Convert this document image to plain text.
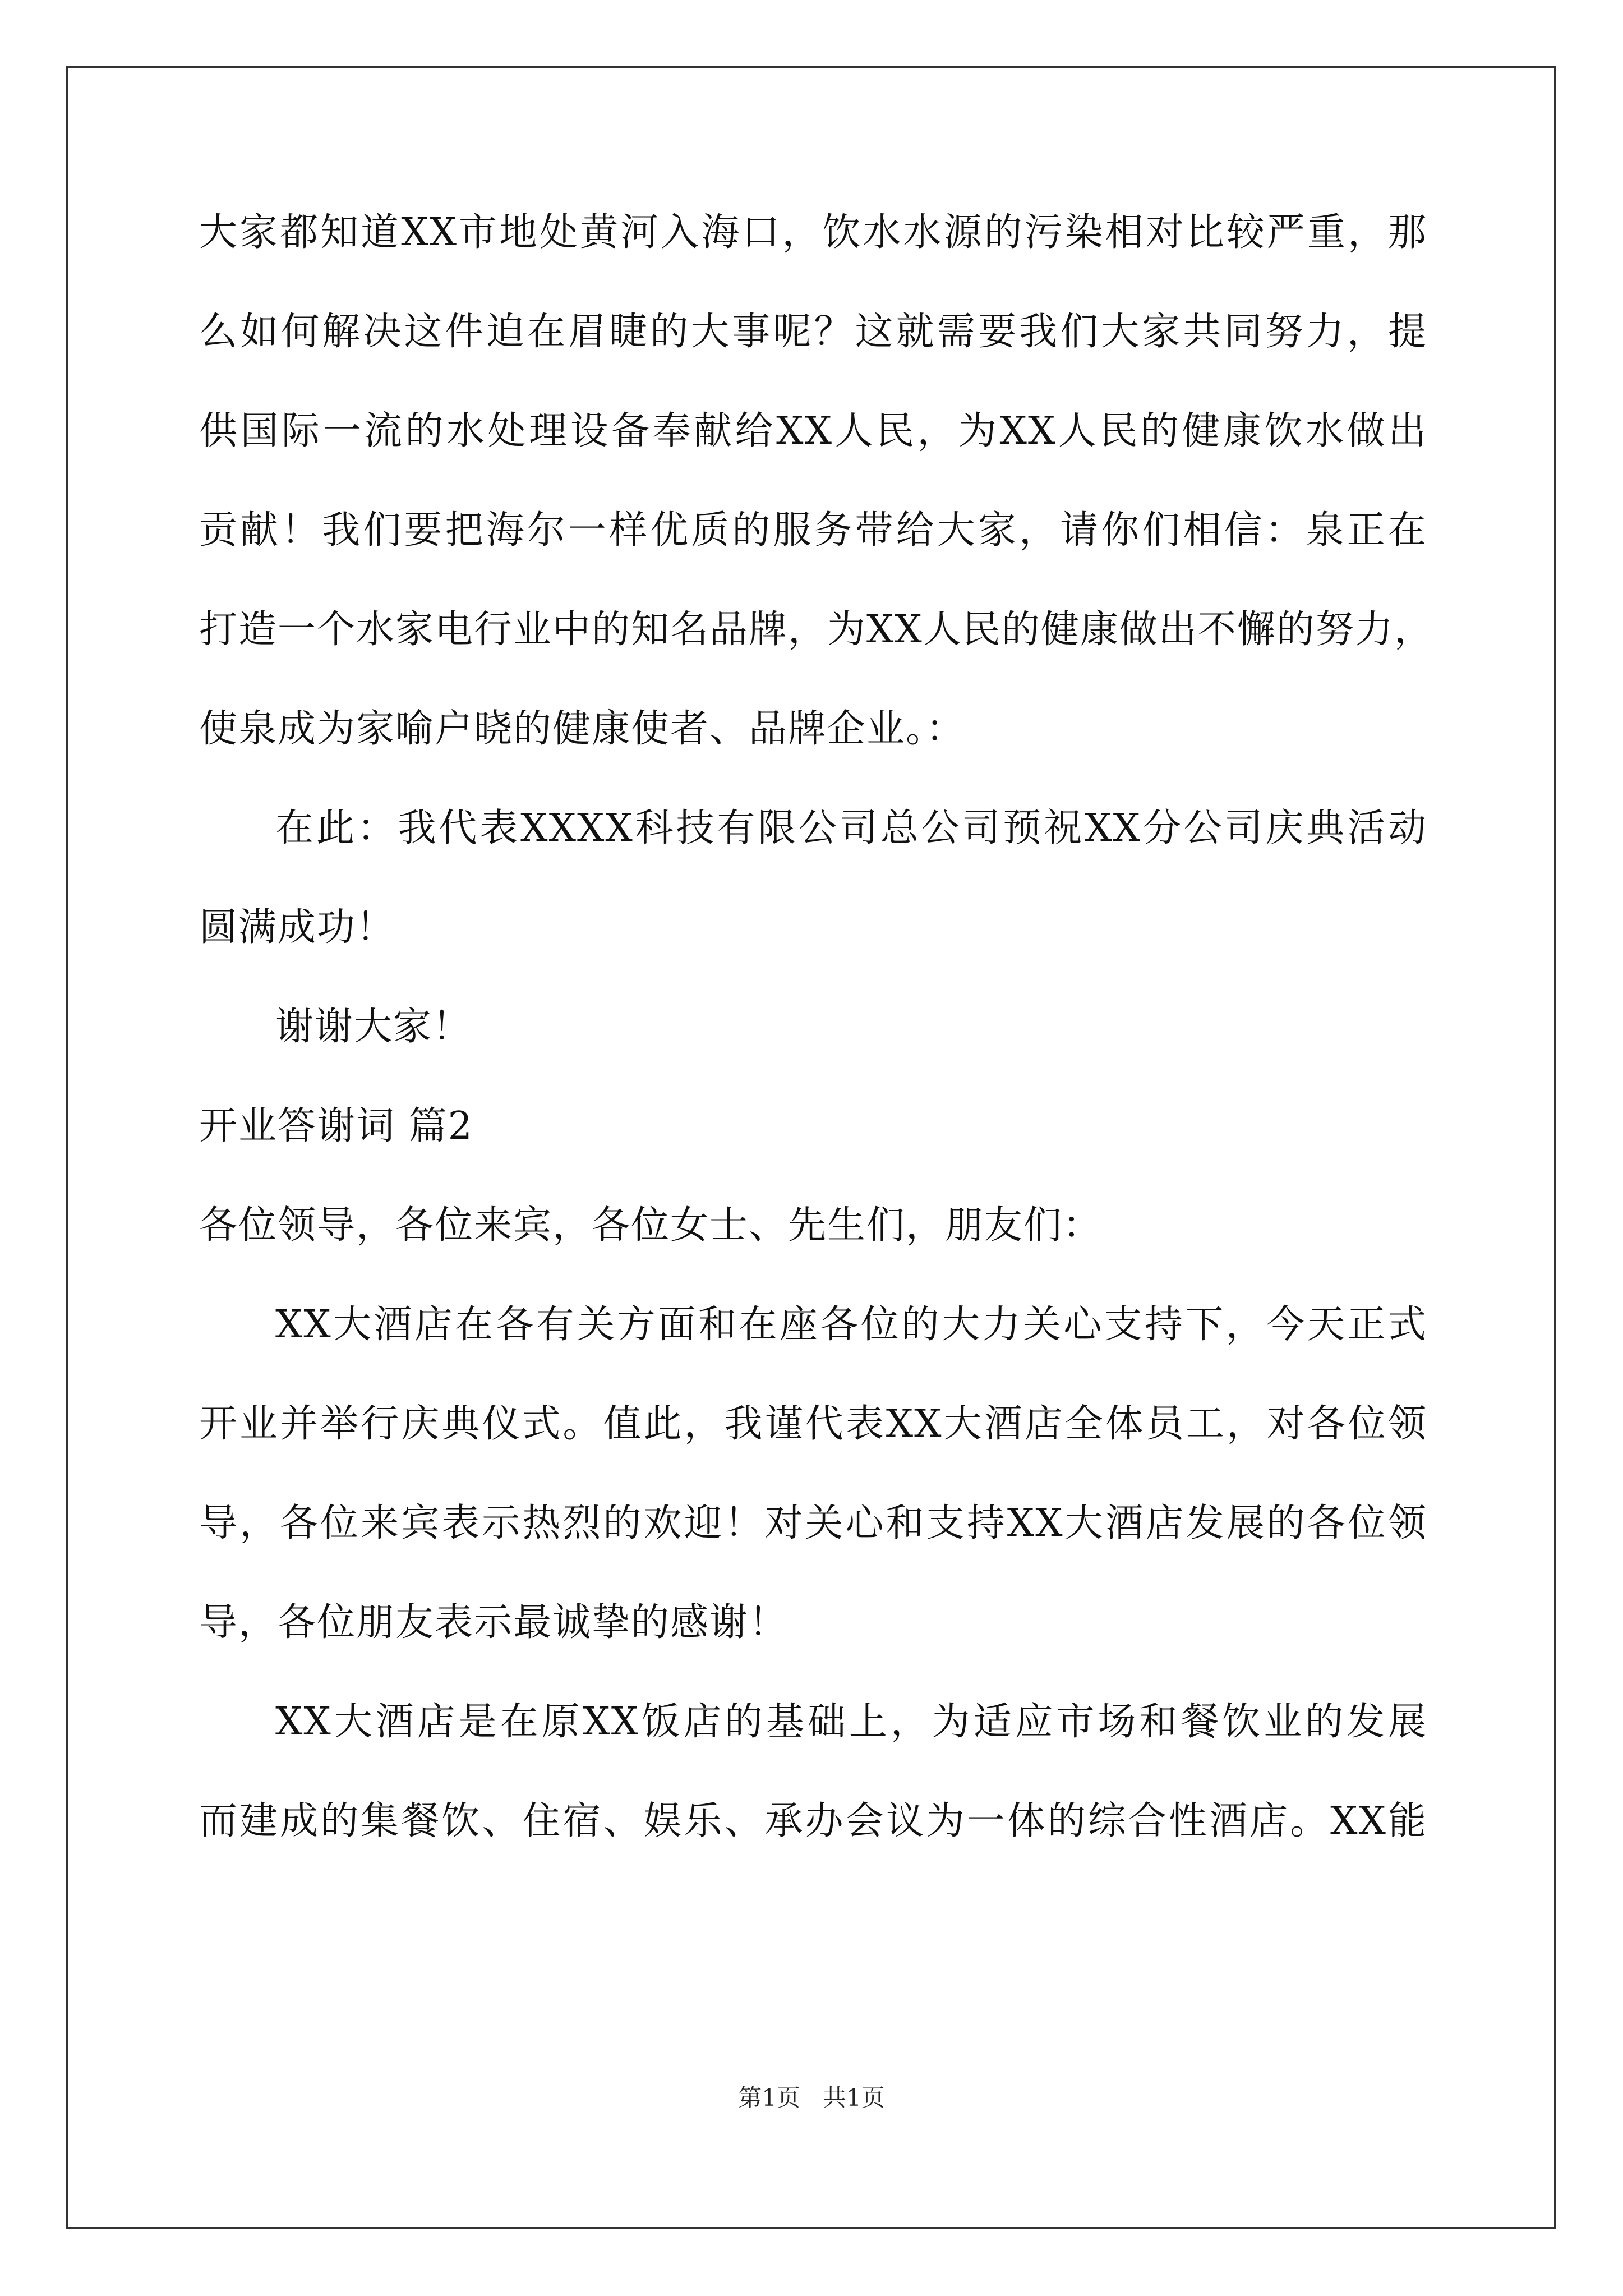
大家都知道XX市地处黄河入海口，饮水水源的污染相对比较严重，那
么如何解决这件迫在眉睫的大事呢？这就需要我们大家共同努力，提
供国际一流的水处理设备奉献给XX人民，为XX人民的健康饮水做出
贡献！我们要把海尔一样优质的服务带给大家，请你们相信：泉正在
打造一个水家电行业中的知名品牌，为XX人民的健康做出不懈的努力，
使泉成为家喻户晓的健康使者、品牌企业。：
在此：我代表XXXX科技有限公司总公司预祝XX分公司庆典活动
圆满成功！
谢谢大家！
开业答谢词 篇2
各位领导，各位来宾，各位女士、先生们，朋友们：
XX大酒店在各有关方面和在座各位的大力关心支持下，今天正式
开业并举行庆典仪式。值此，我谨代表XX大酒店全体员工，对各位领
导，各位来宾表示热烈的欢迎！对关心和支持XX大酒店发展的各位领
导，各位朋友表示最诚挚的感谢！
XX大酒店是在原XX饭店的基础上，为适应市场和餐饮业的发展
而建成的集餐饮、住宿、娱乐、承办会议为一体的综合性酒店。XX能
第1页   共1页
